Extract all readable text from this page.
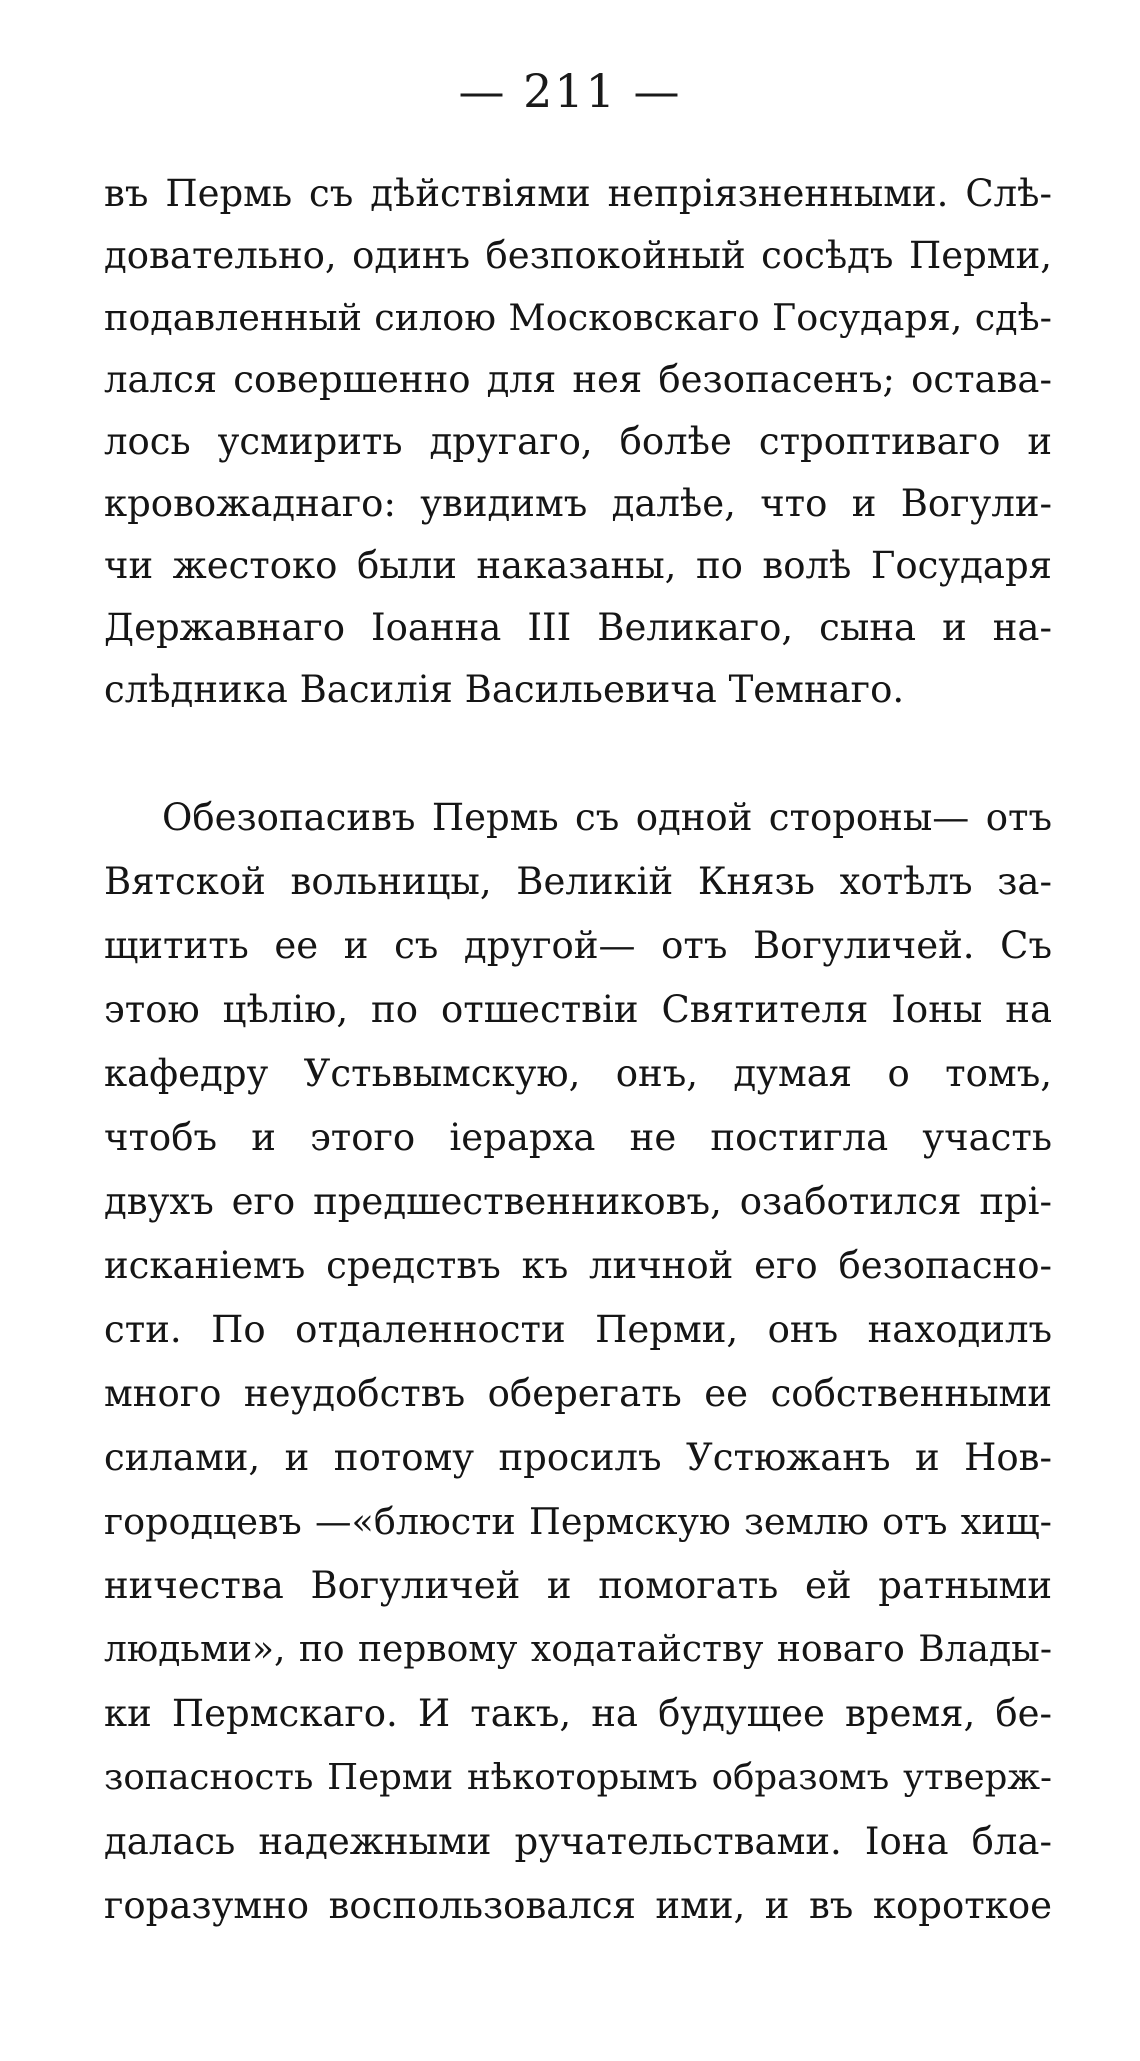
— 211 —
въ Пермь съ дѣйствіями непріязненными. Слѣ-
довательно, одинъ безпокойный сосѣдъ Перми,
подавленный силою Московскаго Государя, сдѣ-
лался совершенно для нея безопасенъ; остава-
лось усмирить другаго, болѣе строптиваго и
кровожаднаго: увидимъ далѣе, что и Вогули-
чи жестоко были наказаны, по волѣ Государя
Державнаго Іоанна III Великаго, сына и на-
слѣдника Василія Васильевича Темнаго.
Обезопасивъ Пермь съ одной стороны— отъ
Вятской вольницы, Великій Князь хотѣлъ за-
щитить ее и съ другой— отъ Вогуличей. Съ
этою цѣлію, по отшествіи Святителя Іоны на
кафедру Устьвымскую, онъ, думая о томъ,
чтобъ и этого іерарха не постигла участь
двухъ его предшественниковъ, озаботился прі-
исканіемъ средствъ къ личной его безопасно-
сти. По отдаленности Перми, онъ находилъ
много неудобствъ оберегать ее собственными
силами, и потому просилъ Устюжанъ и Нов-
городцевъ —«блюсти Пермскую землю отъ хищ-
ничества Вогуличей и помогать ей ратными
людьми», по первому ходатайству новаго Влады-
ки Пермскаго. И такъ, на будущее время, бе-
зопасность Перми нѣкоторымъ образомъ утверж-
далась надежными ручательствами. Іона бла-
горазумно воспользовался ими, и въ короткое
